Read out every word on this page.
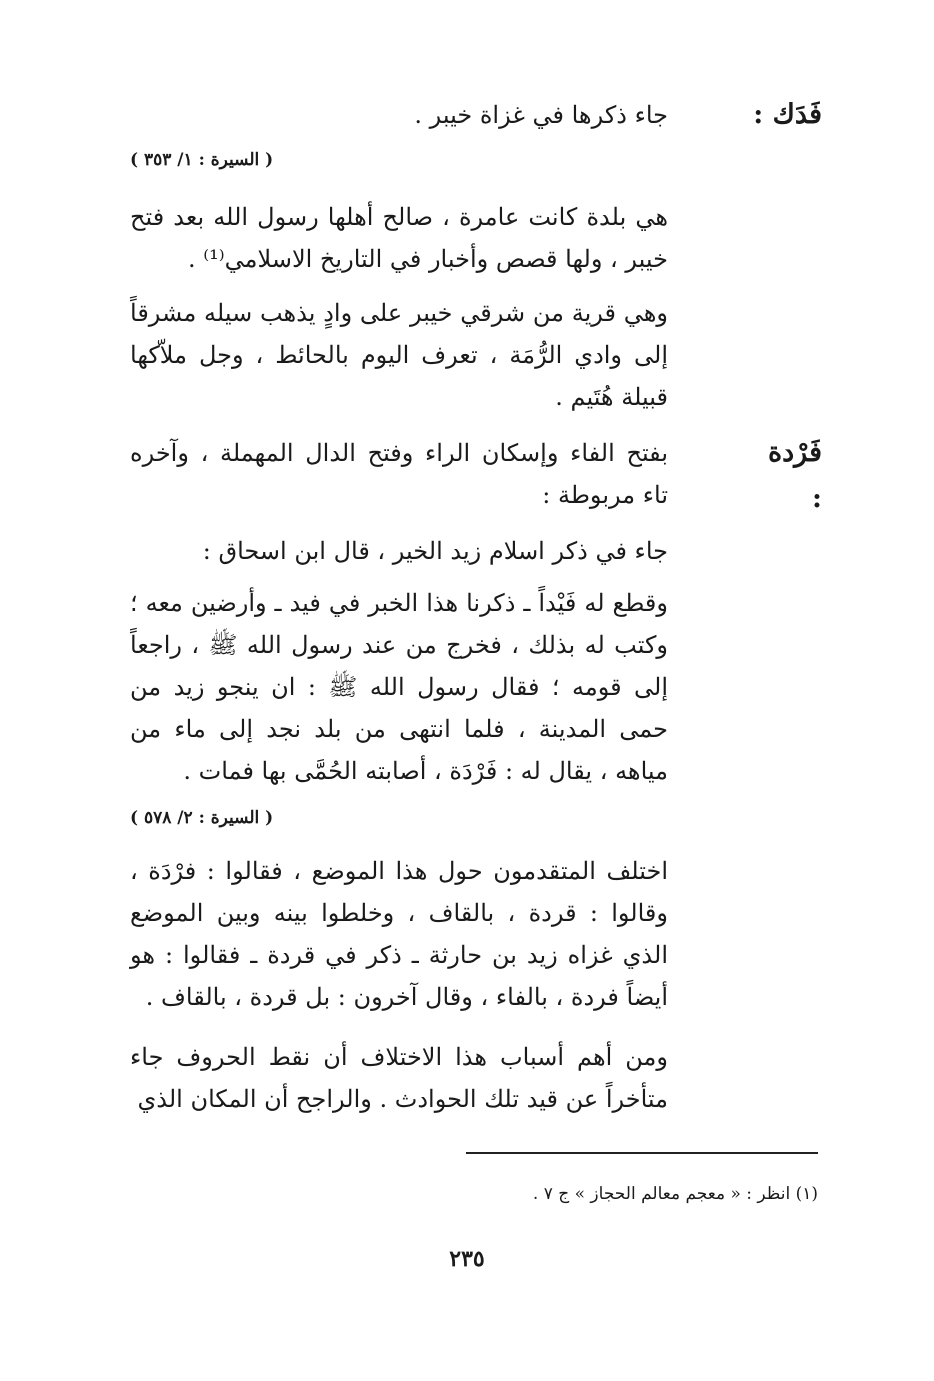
فَدَك :
جاء ذكرها في غزاة خيبر .
( السيرة : ١/ ٣٥٣ )
هي بلدة كانت عامرة ، صالح أهلها رسول الله بعد فتح خيبر ، ولها قصص وأخبار في التاريخ الاسلامي⁽¹⁾ .
وهي قرية من شرقي خيبر على وادٍ يذهب سيله مشرقاً إلى وادي الرُّمَة ، تعرف اليوم بالحائط ، وجل ملاّكها قبيلة هُتَيم .
فَرْدة :
بفتح الفاء وإسكان الراء وفتح الدال المهملة ، وآخره تاء مربوطة :
جاء في ذكر اسلام زيد الخير ، قال ابن اسحاق :
وقطع له فَيْداً ـ ذكرنا هذا الخبر في فيد ـ وأرضين معه ؛ وكتب له بذلك ، فخرج من عند رسول الله ﷺ ، راجعاً إلى قومه ؛ فقال رسول الله ﷺ : ان ينجو زيد من حمى المدينة ، فلما انتهى من بلد نجد إلى ماء من مياهه ، يقال له : فَرْدَة ، أصابته الحُمَّى بها فمات .
( السيرة : ٢/ ٥٧٨ )
اختلف المتقدمون حول هذا الموضع ، فقالوا : فرْدَة ، وقالوا : قردة ، بالقاف ، وخلطوا بينه وبين الموضع الذي غزاه زيد بن حارثة ـ ذكر في قردة ـ فقالوا : هو أيضاً فردة ، بالفاء ، وقال آخرون : بل قردة ، بالقاف .
ومن أهم أسباب هذا الاختلاف أن نقط الحروف جاء متأخراً عن قيد تلك الحوادث . والراجح أن المكان الذي
(١) انظر : « معجم معالم الحجاز » ج ٧ .
٢٣٥
